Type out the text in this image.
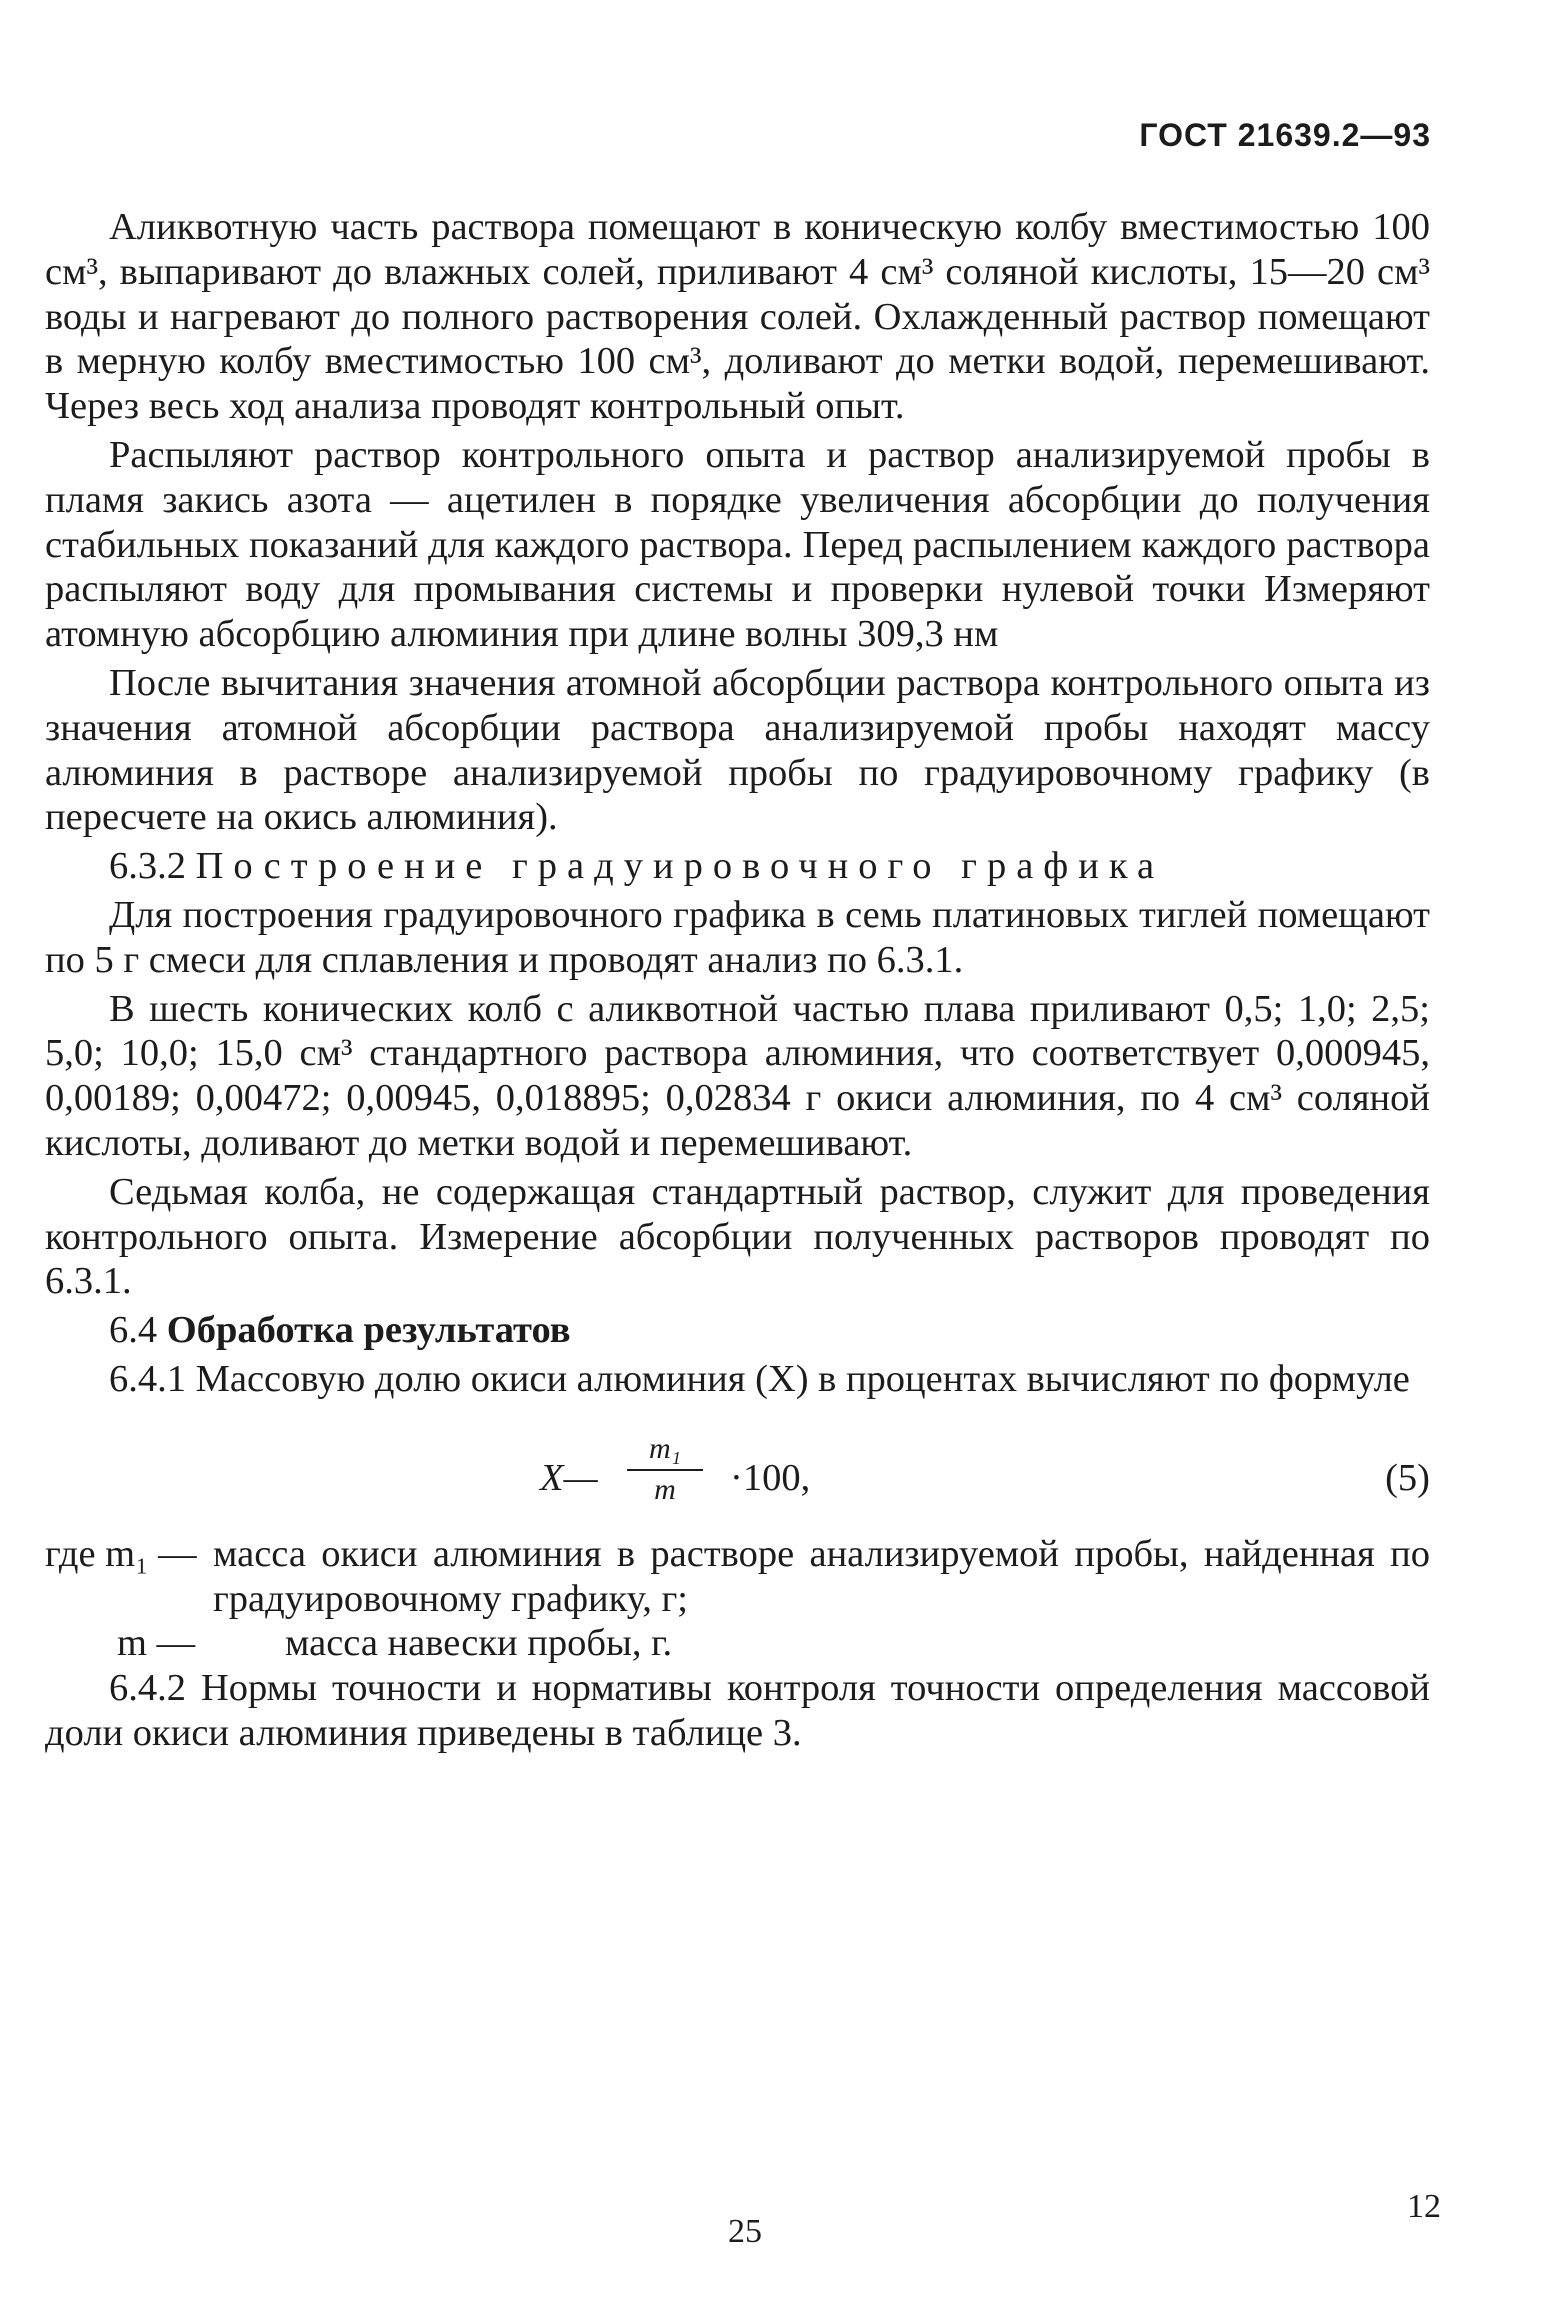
ГОСТ 21639.2—93

Аликвотную часть раствора помещают в коническую колбу вместимостью 100 см³, выпаривают до влажных солей, приливают 4 см³ соляной кислоты, 15—20 см³ воды и нагревают до полного растворения солей. Охлажденный раствор помещают в мерную колбу вместимостью 100 см³, доливают до метки водой, перемешивают. Через весь ход анализа проводят контрольный опыт.

Распыляют раствор контрольного опыта и раствор анализируемой пробы в пламя закись азота — ацетилен в порядке увеличения абсорбции до получения стабильных показаний для каждого раствора. Перед распылением каждого раствора распыляют воду для промывания системы и проверки нулевой точки Измеряют атомную абсорбцию алюминия при длине волны 309,3 нм

После вычитания значения атомной абсорбции раствора контрольного опыта из значения атомной абсорбции раствора анализируемой пробы находят массу алюминия в растворе анализируемой пробы по градуировочному графику (в пересчете на окись алюминия).

6.3.2 Построение градуировочного графика

Для построения градуировочного графика в семь платиновых тиглей помещают по 5 г смеси для сплавления и проводят анализ по 6.3.1.

В шесть конических колб с аликвотной частью плава приливают 0,5; 1,0; 2,5; 5,0; 10,0; 15,0 см³ стандартного раствора алюминия, что соответствует 0,000945, 0,00189; 0,00472; 0,00945, 0,018895; 0,02834 г окиси алюминия, по 4 см³ соляной кислоты, доливают до метки водой и перемешивают.

Седьмая колба, не содержащая стандартный раствор, служит для проведения контрольного опыта. Измерение абсорбции полученных растворов проводят по 6.3.1.

6.4 Обработка результатов

6.4.1 Массовую долю окиси алюминия (X) в процентах вычисляют по формуле

X— $\frac{\text{m₁}}{m} \cdot 100$,	(5)
где m₁ — масса окиси алюминия в растворе анализируемой пробы, найденная по градуировочному графику, г;
m —	масса навески пробы, г.

6.4.2 Нормы точности и нормативы контроля точности определения массовой доли окиси алюминия приведены в таблице 3.

25
12
